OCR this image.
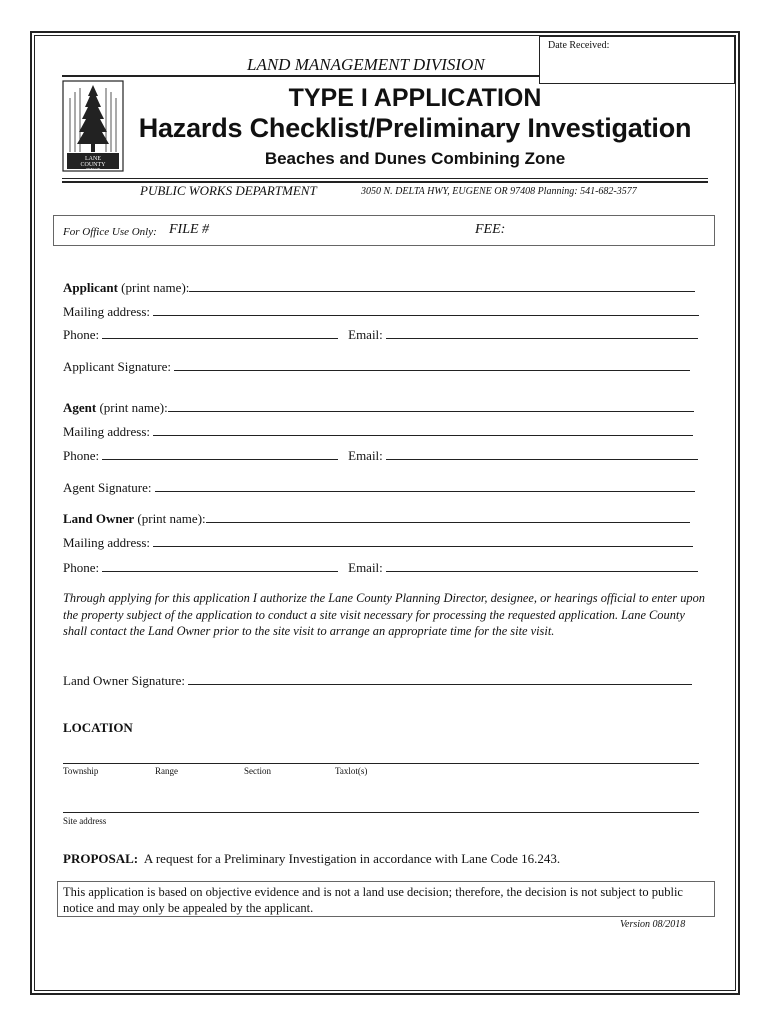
Date Received:
LAND MANAGEMENT DIVISION
LANE
COUNTY
OREGON
TYPE I APPLICATION
Hazards Checklist/Preliminary Investigation
Beaches and Dunes Combining Zone
PUBLIC WORKS DEPARTMENT	3050 N. DELTA HWY, EUGENE OR 97408 Planning: 541-682-3577
For Office Use Only: FILE #	FEE:
Applicant (print name):
Mailing address:
Phone:	Email:
Applicant Signature:
Agent (print name):
Mailing address:
Phone:	Email:
Agent Signature:
Land Owner (print name):
Mailing address:
Phone:	Email:
Through applying for this application I authorize the Lane County Planning Director, designee, or hearings official to enter upon the property subject of the application to conduct a site visit necessary for processing the requested application. Lane County shall contact the Land Owner prior to the site visit to arrange an appropriate time for the site visit.
Land Owner Signature:
LOCATION
Township	Range	Section	Taxlot(s)
Site address
PROPOSAL: A request for a Preliminary Investigation in accordance with Lane Code 16.243.
This application is based on objective evidence and is not a land use decision; therefore, the decision is not subject to public notice and may only be appealed by the applicant.
Version 08/2018
